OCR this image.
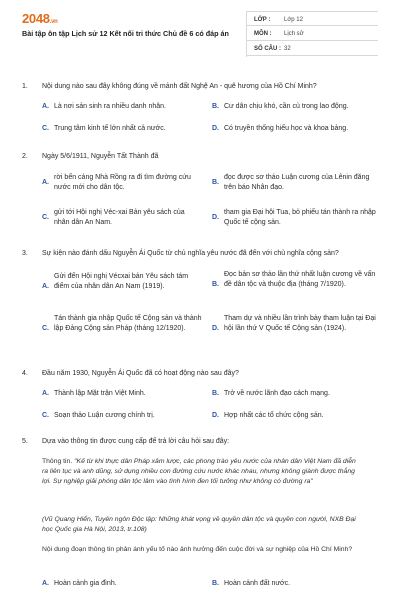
2048.vn
Bài tập ôn tập Lịch sử 12 Kết nối tri thức Chủ đề 6 có đáp án
LỚP : Lớp 12
MÔN : Lịch sử
SỐ CÂU : 32
1. Nội dung nào sau đây không đúng về mảnh đất Nghệ An - quê hương của Hồ Chí Minh?
A. Là nơi sản sinh ra nhiều danh nhân.	B. Cư dân chịu khó, cần cù trong lao động.
C. Trung tâm kinh tế lớn nhất cả nước.	D. Có truyền thống hiếu học và khoa bảng.
2. Ngày 5/6/1911, Nguyễn Tất Thành đã
A.
rời bến cảng Nhà Rồng ra đi tìm đường cứu nước mới cho dân tộc.
B.
đọc được sơ thảo Luận cương của Lênin đăng trên báo Nhân đạo.
C.
gửi tới Hội nghị Véc-xai Bản yêu sách của nhân dân An Nam.
D.
tham gia Đại hội Tua, bỏ phiếu tán thành ra nhập Quốc tế cộng sản.
3. Sự kiện nào đánh dấu Nguyễn Ái Quốc từ chủ nghĩa yêu nước đã đến với chủ nghĩa cộng sản?
A.
Gửi đến Hội nghị Vécxai bản Yêu sách tám điểm của nhân dân An Nam (1919).	B.
Đọc bản sơ thảo lần thứ nhất luận cương về vấn đề dân tộc và thuộc địa (tháng 7/1920).
C.
Tán thành gia nhập Quốc tế Cộng sản và thành lập Đảng Cộng sản Pháp (tháng 12/1920).	D.
Tham dự và nhiều lần trình bày tham luận tại Đại hội lần thứ V Quốc tế Cộng sản (1924).
4. Đầu năm 1930, Nguyễn Ái Quốc đã có hoạt động nào sau đây?
A. Thành lập Mặt trận Việt Minh.	B. Trở về nước lãnh đạo cách mạng.
C. Soạn thảo Luận cương chính trị.	D. Hợp nhất các tổ chức cộng sản.
5. Dựa vào thông tin được cung cấp để trả lời câu hỏi sau đây:
Thông tin. "Kế từ khi thực dân Pháp xâm lược, các phong trào yêu nước của nhân dân Việt Nam đã diễn ra liên tục và anh dũng, sử dụng nhiều con đường cứu nước khác nhau, nhưng không giành được thắng lợi. Sự nghiệp giải phóng dân tộc lâm vào tình hình đen tối tưởng như không có đường ra"
(Vũ Quang Hiển, Tuyên ngôn Độc lập: Những khát vọng về quyền dân tộc và quyền con người, NXB Đại học Quốc gia Hà Nội, 2013, tr.108)
Nội dung đoạn thông tin phản ánh yếu tố nào ảnh hưởng đến cuộc đời và sự nghiệp của Hồ Chí Minh?
A. Hoàn cảnh gia đình.	B. Hoàn cảnh đất nước.
